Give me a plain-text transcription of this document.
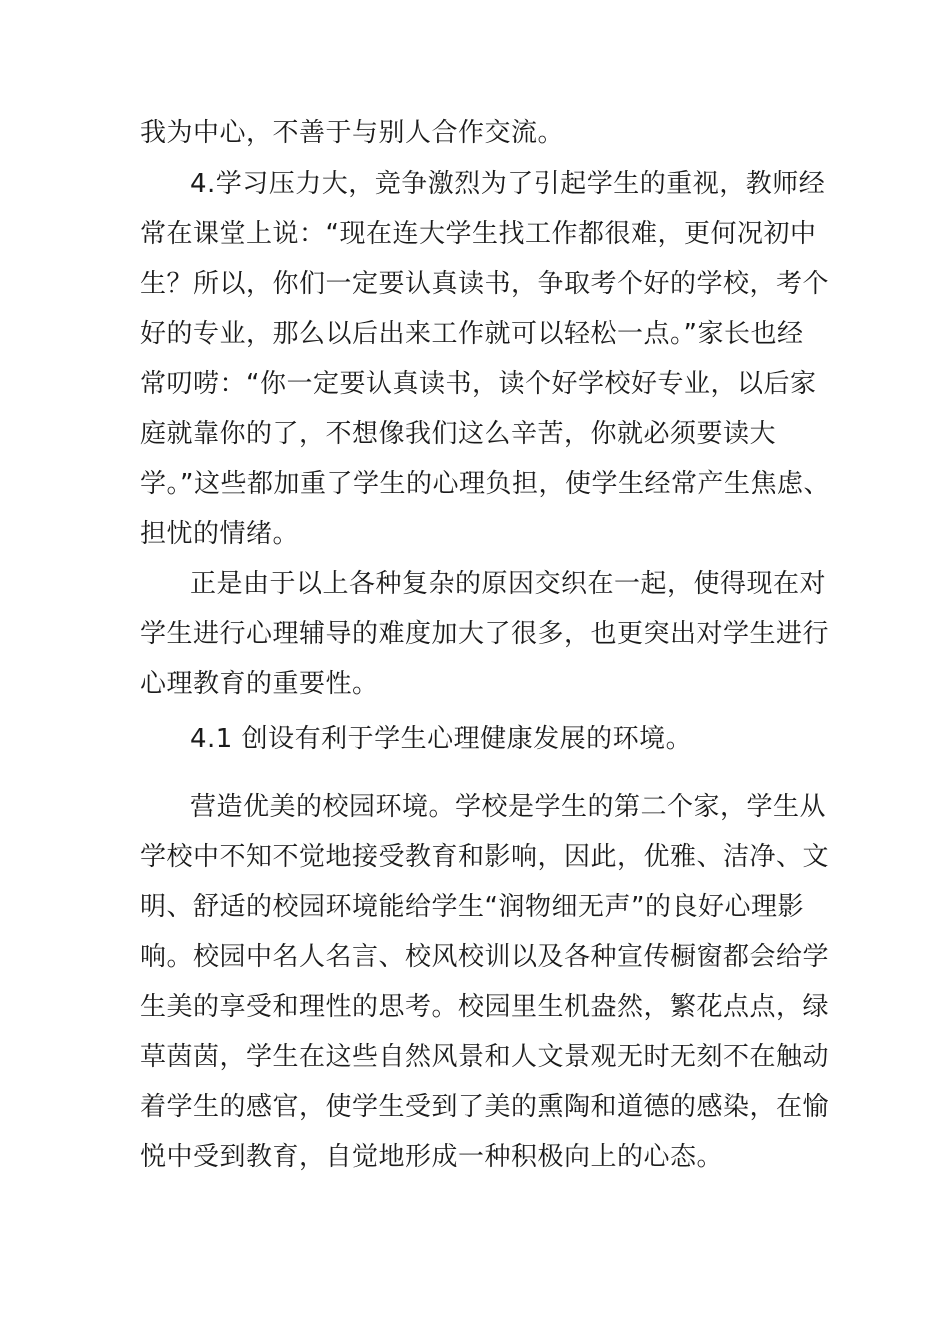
我为中心，不善于与别人合作交流。

4.学习压力大，竞争激烈为了引起学生的重视，教师经

常在课堂上说：“现在连大学生找工作都很难，更何况初中

生？所以，你们一定要认真读书，争取考个好的学校，考个

好的专业，那么以后出来工作就可以轻松一点。”家长也经

常叨唠：“你一定要认真读书，读个好学校好专业，以后家

庭就靠你的了，不想像我们这么辛苦，你就必须要读大

学。”这些都加重了学生的心理负担，使学生经常产生焦虑、

担忧的情绪。

正是由于以上各种复杂的原因交织在一起，使得现在对

学生进行心理辅导的难度加大了很多，也更突出对学生进行

心理教育的重要性。

4.1 创设有利于学生心理健康发展的环境。

营造优美的校园环境。学校是学生的第二个家，学生从

学校中不知不觉地接受教育和影响，因此，优雅、洁净、文

明、舒适的校园环境能给学生“润物细无声”的良好心理影

响。校园中名人名言、校风校训以及各种宣传橱窗都会给学

生美的享受和理性的思考。校园里生机盎然，繁花点点，绿

草茵茵，学生在这些自然风景和人文景观无时无刻不在触动

着学生的感官，使学生受到了美的熏陶和道德的感染，在愉

悦中受到教育，自觉地形成一种积极向上的心态。
